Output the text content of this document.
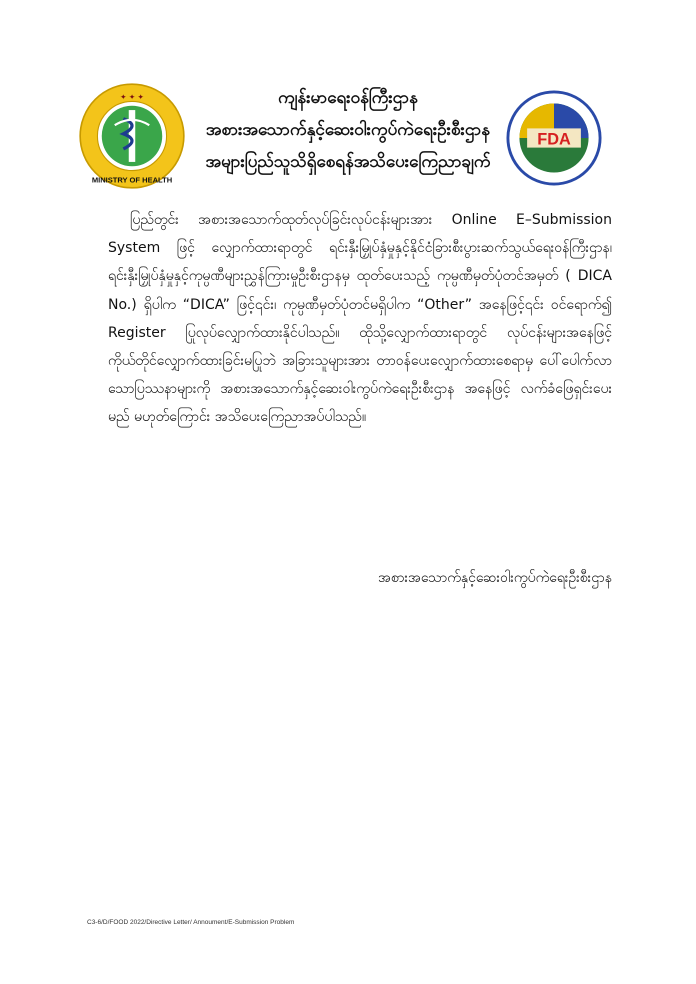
✦ ✦ ✦
MINISTRY OF HEALTH
ကျန်းမာရေးဝန်ကြီးဌာန
အစားအသောက်နှင့်ဆေးဝါးကွပ်ကဲရေးဦးစီးဌာန
အများပြည်သူသိရှိစေရန်အသိပေးကြေညာချက်
FDA

ပြည်တွင်း အစားအသောက်ထုတ်လုပ်ခြင်းလုပ်ငန်းများအား Online E–Submission System ဖြင့် လျှောက်ထားရာတွင် ရင်းနှီးမြှုပ်နှံမှုနှင့်နိုင်ငံခြားစီးပွားဆက်သွယ်ရေးဝန်ကြီးဌာန၊ ရင်းနှီးမြှုပ်နှံမှုနှင့်ကုမ္ပဏီများညွှန်ကြားမှုဦးစီးဌာနမှ ထုတ်ပေးသည့် ကုမ္ပဏီမှတ်ပုံတင်အမှတ် ( DICA No.) ရှိပါက “DICA” ဖြင့်၎င်း၊ ကုမ္ပဏီမှတ်ပုံတင်မရှိပါက “Other” အနေဖြင့်၎င်း ဝင်ရောက်၍ Register ပြုလုပ်လျှောက်ထားနိုင်ပါသည်။ ထိုသို့လျှောက်ထားရာတွင် လုပ်ငန်းများအနေဖြင့် ကိုယ်တိုင်လျှောက်ထားခြင်းမပြုဘဲ အခြားသူများအား တာဝန်ပေးလျှောက်ထားစေရာမှ ပေါ်ပေါက်လာသောပြဿနာများကို အစားအသောက်နှင့်ဆေးဝါးကွပ်ကဲရေးဦးစီးဌာန အနေဖြင့် လက်ခံဖြေရှင်းပေးမည် မဟုတ်ကြောင်း အသိပေးကြေညာအပ်ပါသည်။

အစားအသောက်နှင့်ဆေးဝါးကွပ်ကဲရေးဦးစီးဌာန
C3-6/D/FOOD 2022/Directive Letter/ Annoument/E-Submission Problem
